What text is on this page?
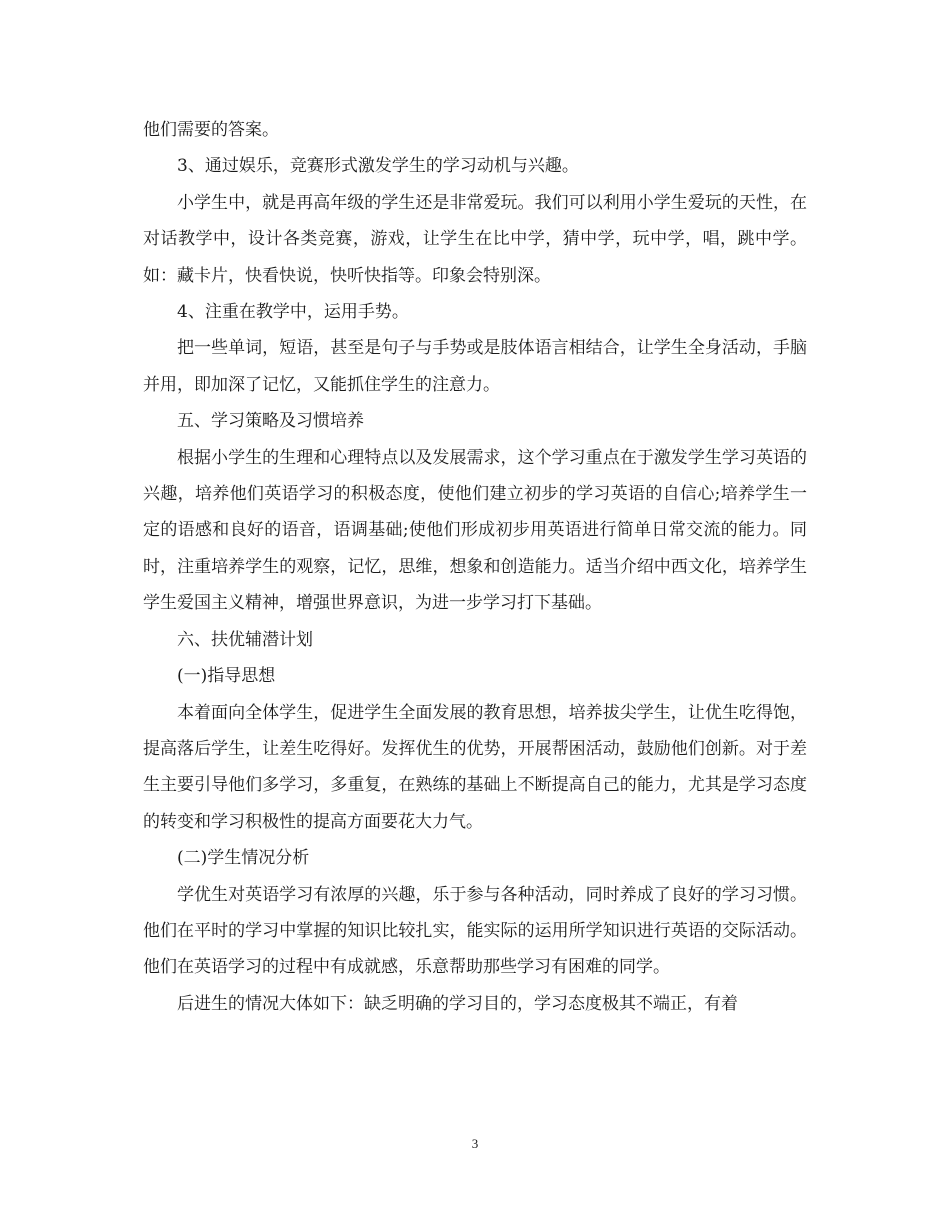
他们需要的答案。

3、通过娱乐，竞赛形式激发学生的学习动机与兴趣。

小学生中，就是再高年级的学生还是非常爱玩。我们可以利用小学生爱玩的天性，在对话教学中，设计各类竞赛，游戏，让学生在比中学，猜中学，玩中学，唱，跳中学。如：藏卡片，快看快说，快听快指等。印象会特别深。

4、注重在教学中，运用手势。

把一些单词，短语，甚至是句子与手势或是肢体语言相结合，让学生全身活动，手脑并用，即加深了记忆，又能抓住学生的注意力。

五、学习策略及习惯培养

根据小学生的生理和心理特点以及发展需求，这个学习重点在于激发学生学习英语的兴趣，培养他们英语学习的积极态度，使他们建立初步的学习英语的自信心;培养学生一定的语感和良好的语音，语调基础;使他们形成初步用英语进行简单日常交流的能力。同时，注重培养学生的观察，记忆，思维，想象和创造能力。适当介绍中西文化，培养学生学生爱国主义精神，增强世界意识，为进一步学习打下基础。

六、扶优辅潜计划

(一)指导思想

本着面向全体学生，促进学生全面发展的教育思想，培养拔尖学生，让优生吃得饱，提高落后学生，让差生吃得好。发挥优生的优势，开展帮困活动，鼓励他们创新。对于差生主要引导他们多学习，多重复，在熟练的基础上不断提高自己的能力，尤其是学习态度的转变和学习积极性的提高方面要花大力气。

(二)学生情况分析

学优生对英语学习有浓厚的兴趣，乐于参与各种活动，同时养成了良好的学习习惯。他们在平时的学习中掌握的知识比较扎实，能实际的运用所学知识进行英语的交际活动。他们在英语学习的过程中有成就感，乐意帮助那些学习有困难的同学。

后进生的情况大体如下：缺乏明确的学习目的，学习态度极其不端正，有着

3
